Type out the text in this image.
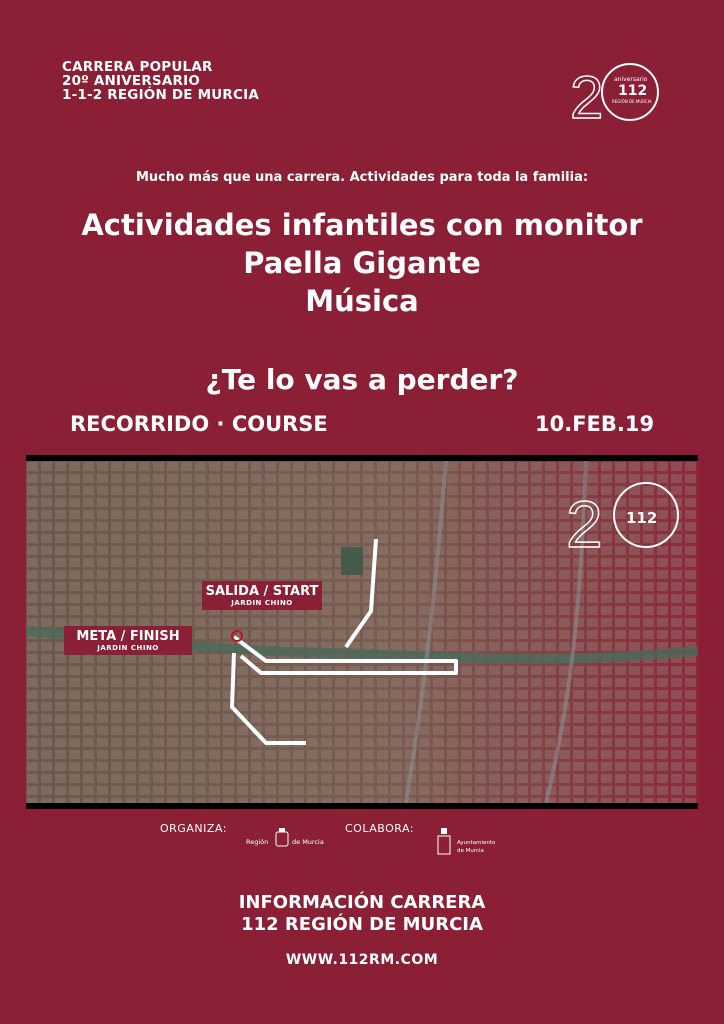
CARRERA POPULAR
20º ANIVERSARIO
1-1-2 REGIÓN DE MURCIA	2 aniversario
112
REGIÓN DE MURCIA
Mucho más que una carrera. Actividades para toda la familia:
Actividades infantiles con monitor
Paella Gigante
Música
¿Te lo vas a perder?
RECORRIDO · COURSE	10.FEB.19
2 112
SALIDA / START
JARDIN CHINO
META / FINISH
JARDIN CHINO
ORGANIZA:	COLABORA:
Región	de Murcia	Ayuntamiento
de Murcia
INFORMACIÓN CARRERA
112 REGIÓN DE MURCIA
WWW.112RM.COM
